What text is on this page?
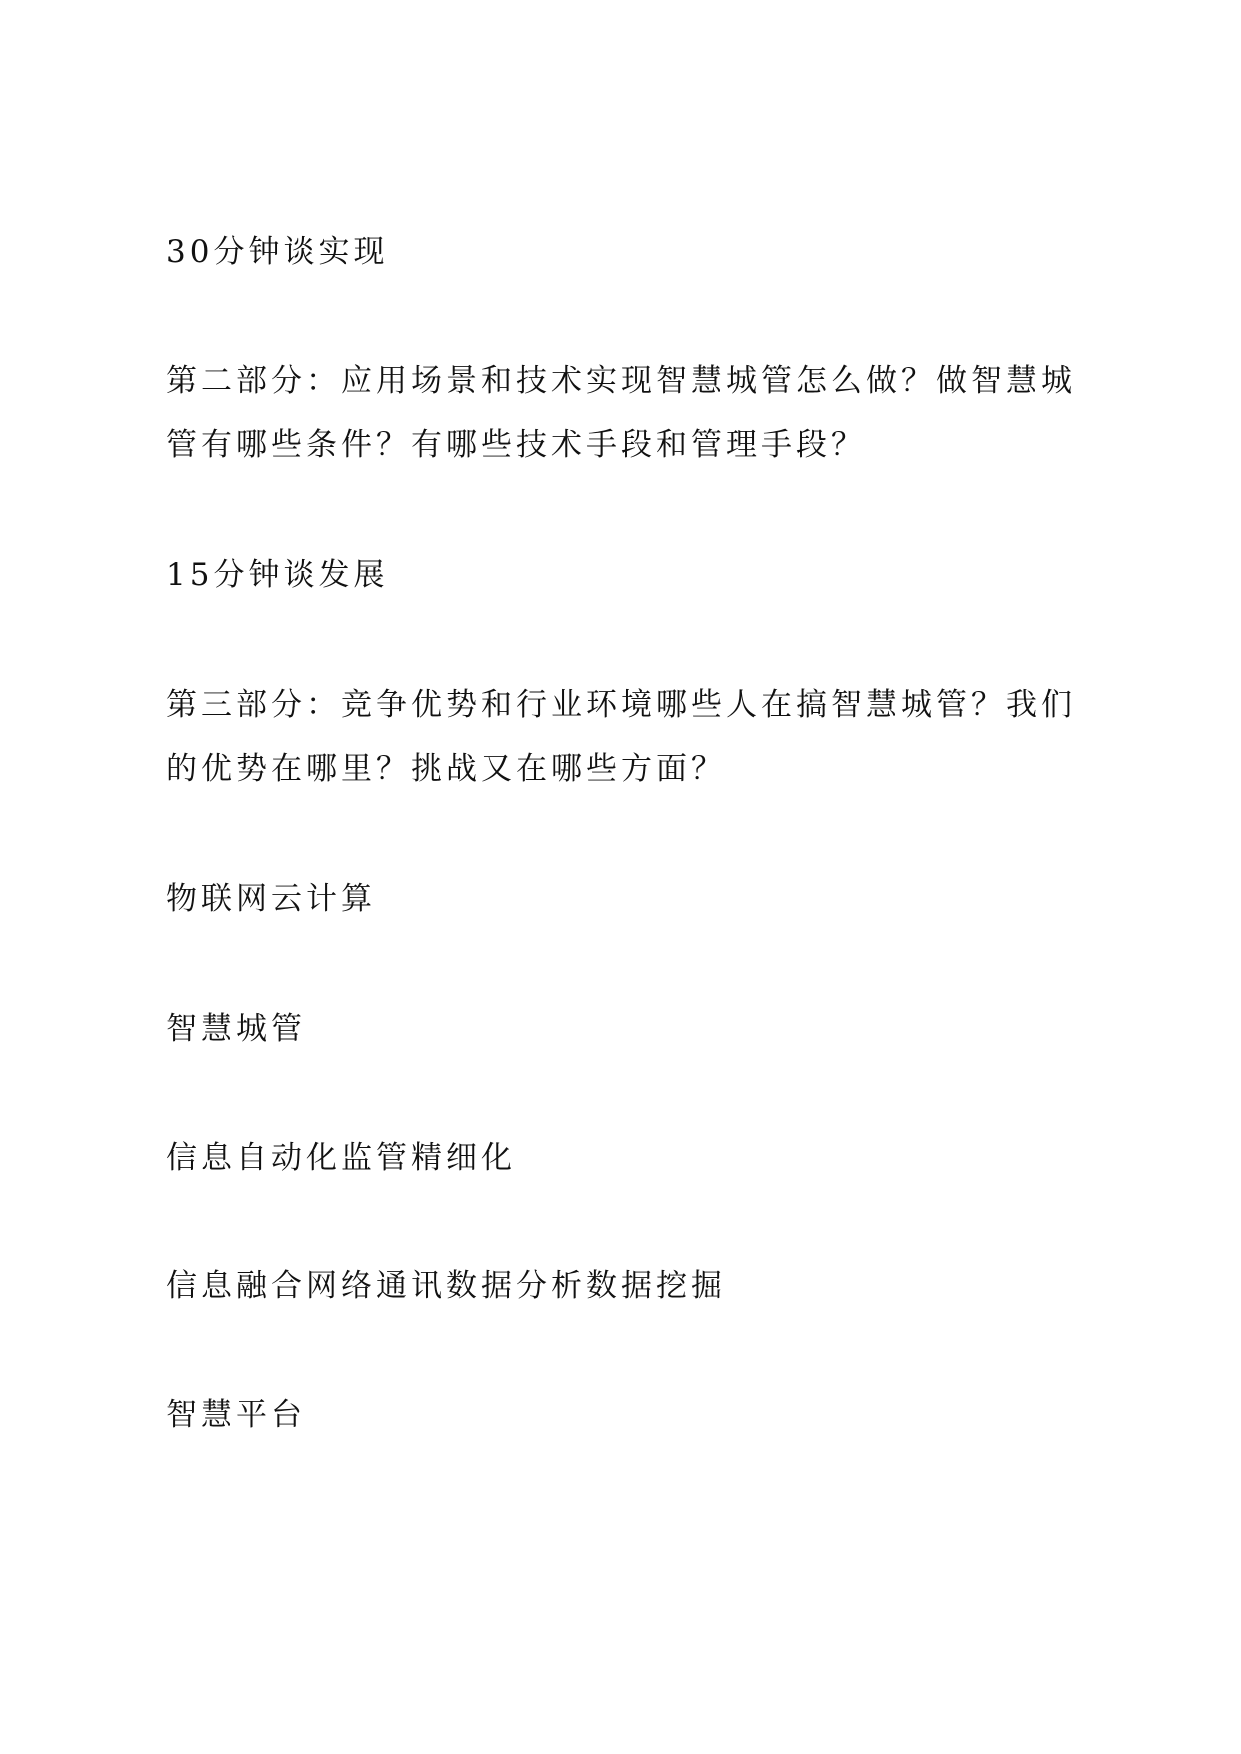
30分钟谈实现

第二部分：应用场景和技术实现智慧城管怎么做？做智慧城管有哪些条件？有哪些技术手段和管理手段？

15分钟谈发展

第三部分：竞争优势和行业环境哪些人在搞智慧城管？我们的优势在哪里？挑战又在哪些方面？

物联网云计算

智慧城管

信息自动化监管精细化

信息融合网络通讯数据分析数据挖掘

智慧平台
